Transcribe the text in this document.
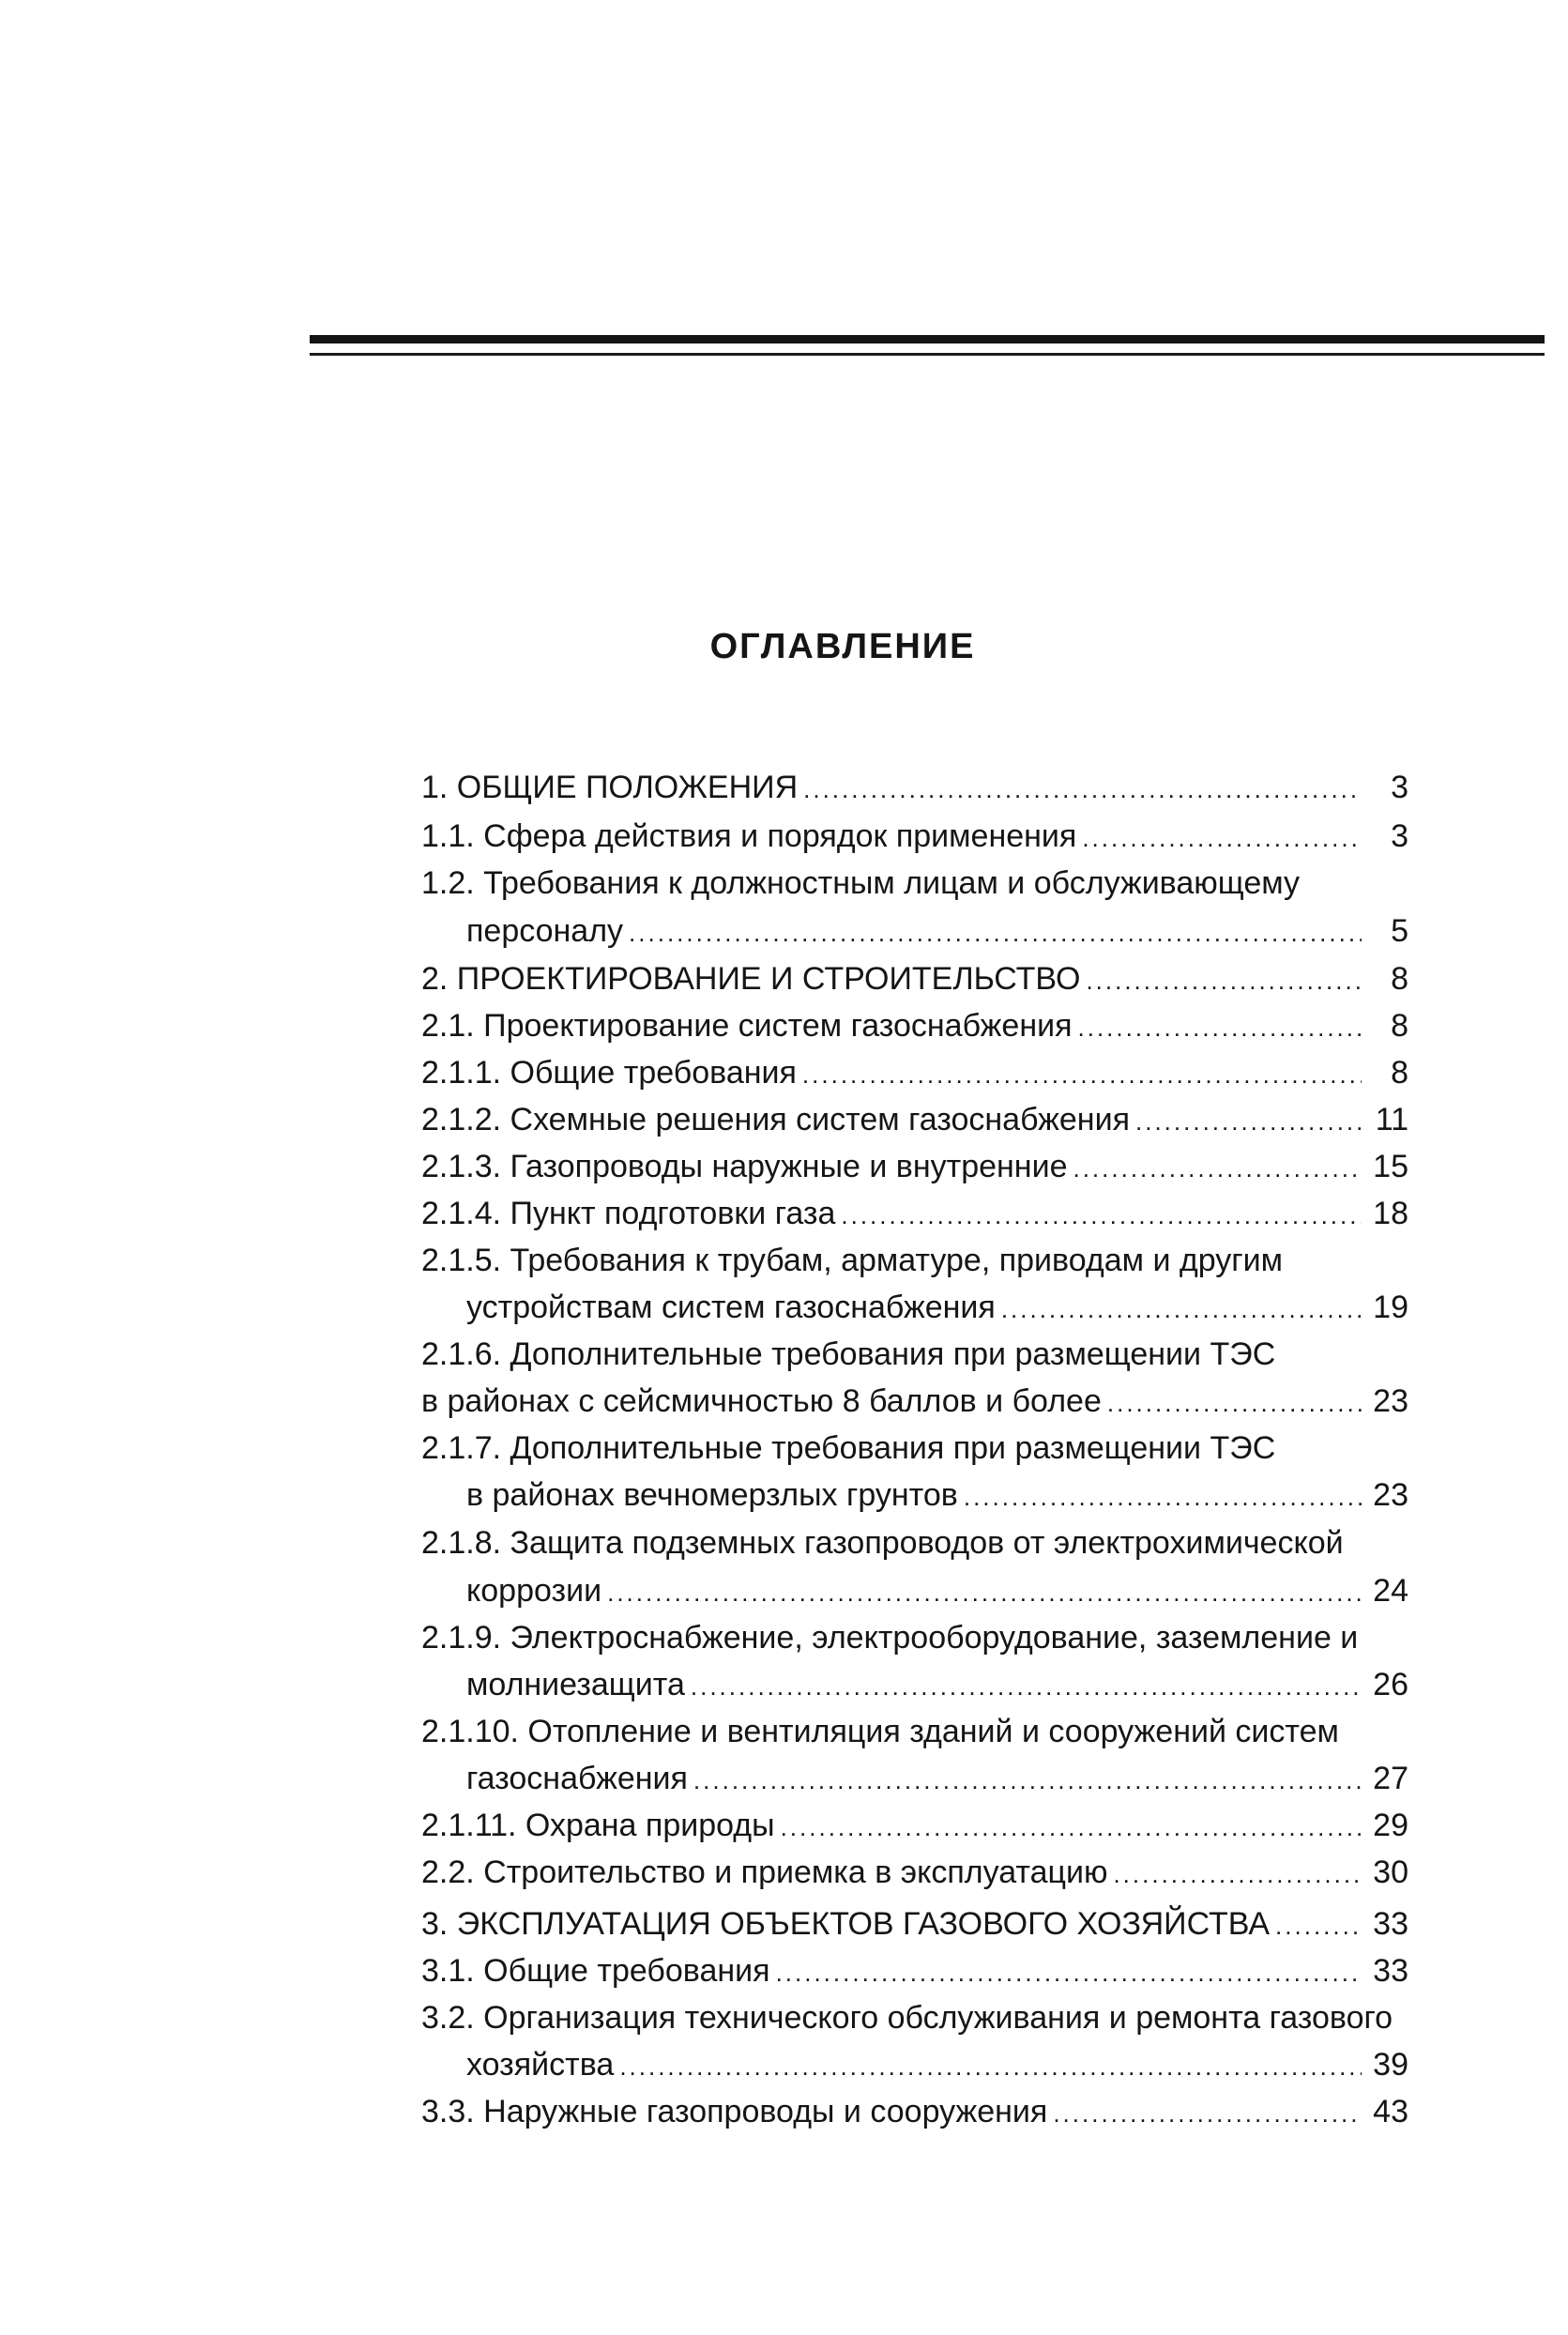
ОГЛАВЛЕНИЕ
1. ОБЩИЕ ПОЛОЖЕНИЯ .....	3
1.1. Сфера действия и порядок применения .....	3
1.2. Требования к должностным лицам и обслуживающему
персоналу .....	5
2. ПРОЕКТИРОВАНИЕ И СТРОИТЕЛЬСТВО .....	8
2.1. Проектирование систем газоснабжения .....	8
2.1.1. Общие требования .....	8
2.1.2. Схемные решения систем газоснабжения .....	11
2.1.3. Газопроводы наружные и внутренние .....	15
2.1.4. Пункт подготовки газа .....	18
2.1.5. Требования к трубам, арматуре, приводам и другим
устройствам систем газоснабжения .....	19
2.1.6. Дополнительные требования при размещении ТЭС
в районах с сейсмичностью 8 баллов и более .....	23
2.1.7. Дополнительные требования при размещении ТЭС
в районах вечномерзлых грунтов .....	23
2.1.8. Защита подземных газопроводов от электрохимической
коррозии .....	24
2.1.9. Электроснабжение, электрооборудование, заземление и
молниезащита .....	26
2.1.10. Отопление и вентиляция зданий и сооружений систем
газоснабжения .....	27
2.1.11. Охрана природы .....	29
2.2. Строительство и приемка в эксплуатацию .....	30
3. ЭКСПЛУАТАЦИЯ ОБЪЕКТОВ ГАЗОВОГО ХОЗЯЙСТВА .....	33
3.1. Общие требования .....	33
3.2. Организация технического обслуживания и ремонта газового
хозяйства .....	39
3.3. Наружные газопроводы и сооружения .....	43
